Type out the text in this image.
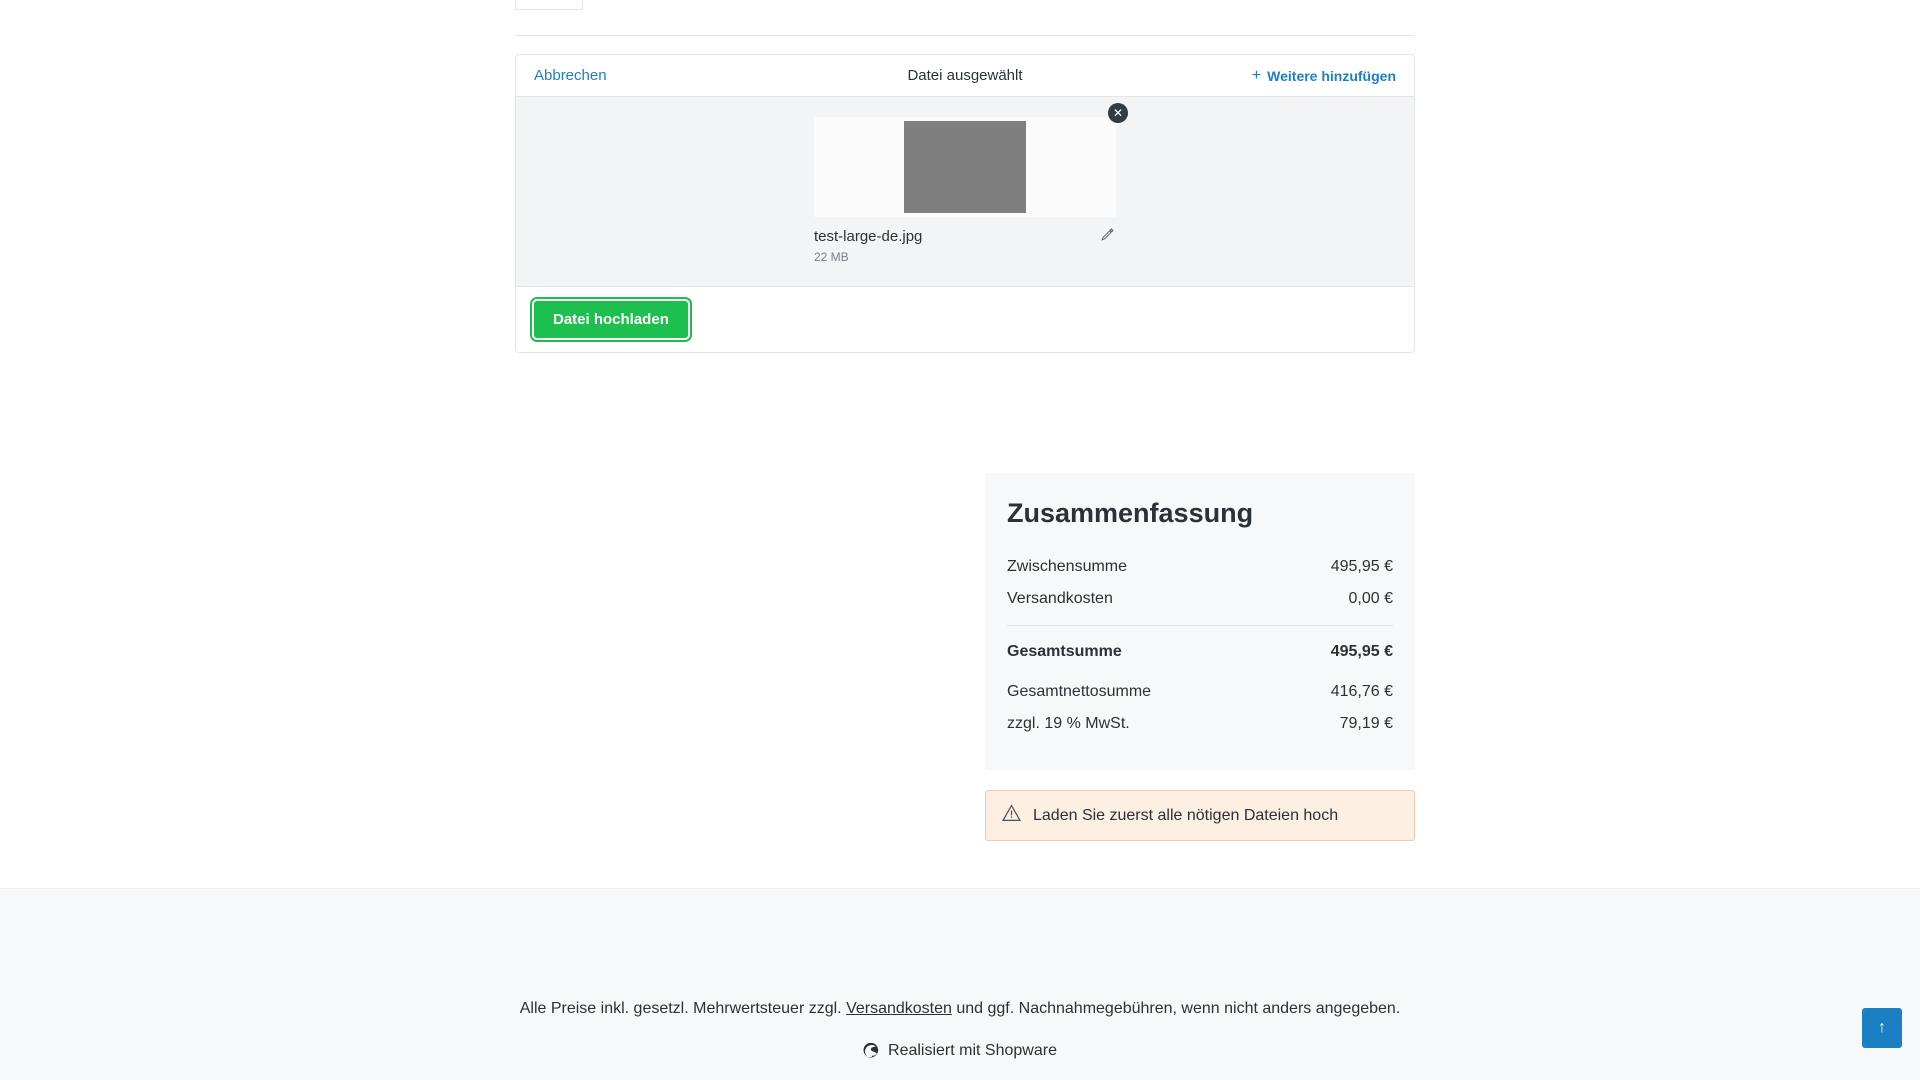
Abbrechen	Datei ausgewählt	+ Weitere hinzufügen
✕
test-large-de.jpg
22 MB
Datei hochladen
Zusammenfassung
Zwischensumme	495,95 €
Versandkosten	0,00 €
Gesamtsumme	495,95 €
Gesamtnettosumme	416,76 €
zzgl. 19 % MwSt.	79,19 €
Laden Sie zuerst alle nötigen Dateien hoch
Alle Preise inkl. gesetzl. Mehrwertsteuer zzgl. Versandkosten und ggf. Nachnahmegebühren, wenn nicht anders angegeben.
Realisiert mit Shopware
↑
